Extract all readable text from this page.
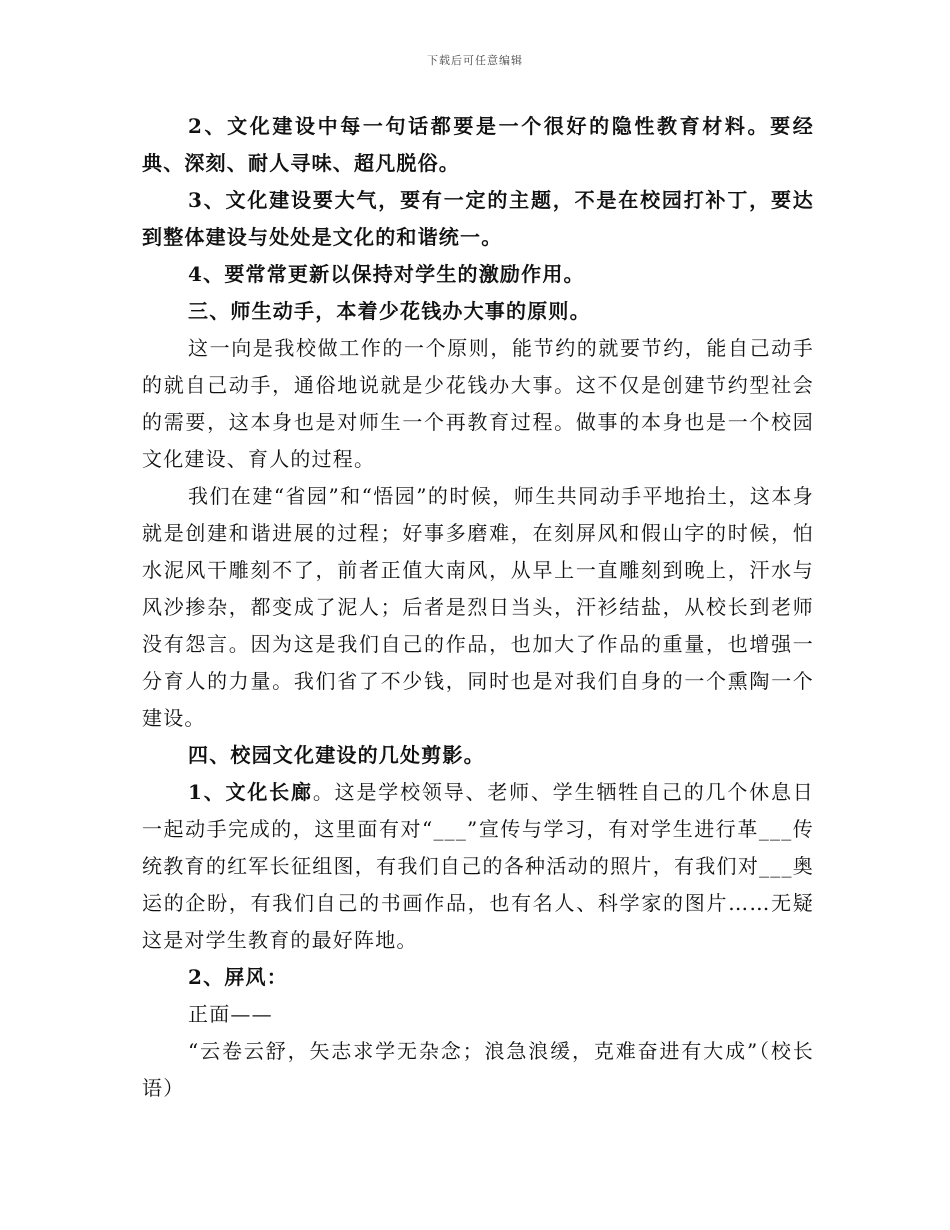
下载后可任意编辑

2、文化建设中每一句话都要是一个很好的隐性教育材料。要经典、深刻、耐人寻味、超凡脱俗。

3、文化建设要大气，要有一定的主题，不是在校园打补丁，要达到整体建设与处处是文化的和谐统一。

4、要常常更新以保持对学生的激励作用。

三、师生动手，本着少花钱办大事的原则。

这一向是我校做工作的一个原则，能节约的就要节约，能自己动手的就自己动手，通俗地说就是少花钱办大事。这不仅是创建节约型社会的需要，这本身也是对师生一个再教育过程。做事的本身也是一个校园文化建设、育人的过程。

我们在建“省园”和“悟园”的时候，师生共同动手平地抬土，这本身就是创建和谐进展的过程；好事多磨难，在刻屏风和假山字的时候，怕水泥风干雕刻不了，前者正值大南风，从早上一直雕刻到晚上，汗水与风沙掺杂，都变成了泥人；后者是烈日当头，汗衫结盐，从校长到老师没有怨言。因为这是我们自己的作品，也加大了作品的重量，也增强一分育人的力量。我们省了不少钱，同时也是对我们自身的一个熏陶一个建设。

四、校园文化建设的几处剪影。

1、文化长廊。这是学校领导、老师、学生牺牲自己的几个休息日一起动手完成的，这里面有对“___”宣传与学习，有对学生进行革___传统教育的红军长征组图，有我们自己的各种活动的照片，有我们对___奥运的企盼，有我们自己的书画作品，也有名人、科学家的图片……无疑这是对学生教育的最好阵地。

2、屏风：

正面——

“云卷云舒，矢志求学无杂念；浪急浪缓，克难奋进有大成”（校长语）
